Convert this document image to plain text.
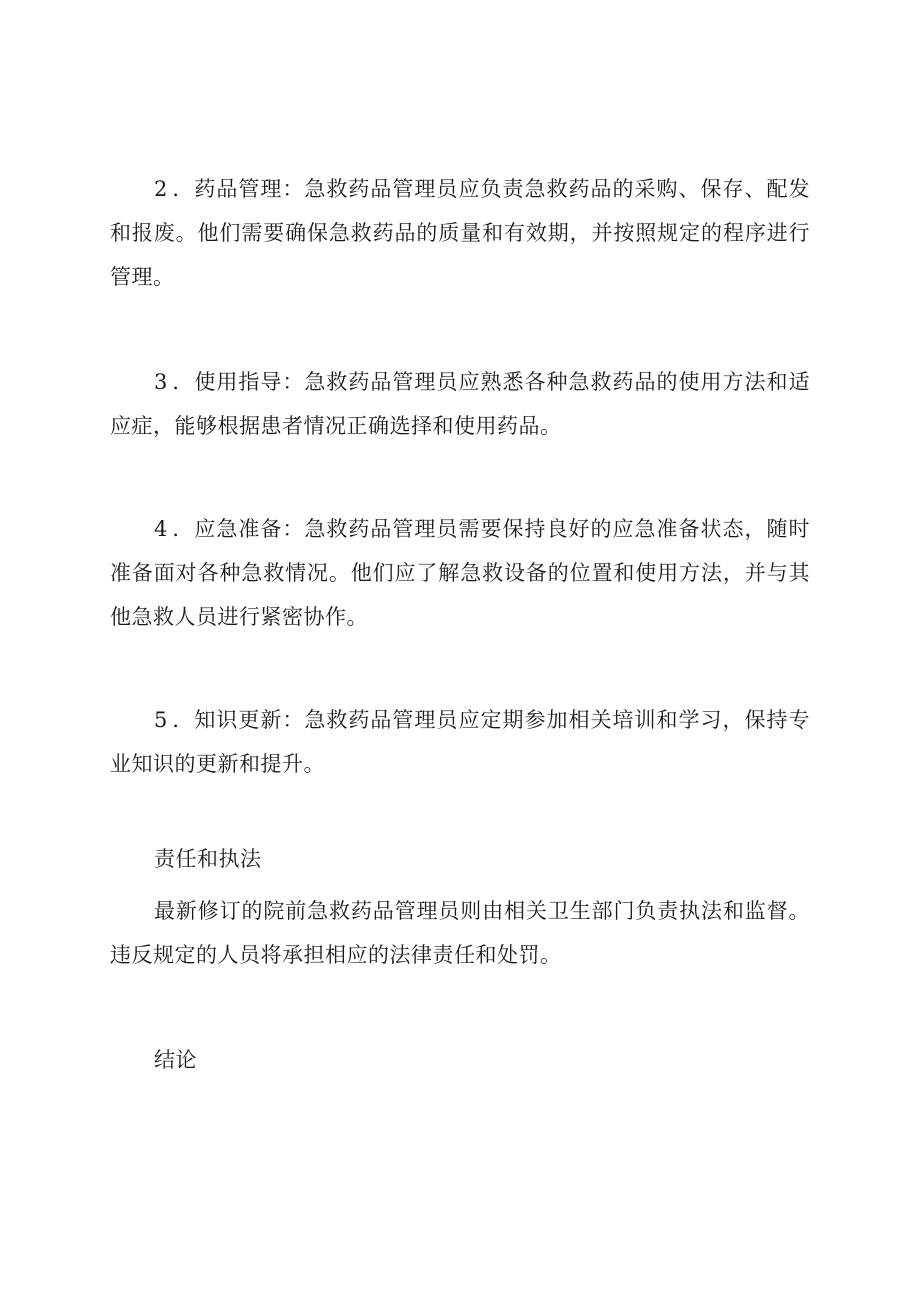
2 ．药品管理：急救药品管理员应负责急救药品的采购、保存、配发和报废。他们需要确保急救药品的质量和有效期，并按照规定的程序进行管理。

3 ．使用指导：急救药品管理员应熟悉各种急救药品的使用方法和适应症，能够根据患者情况正确选择和使用药品。

4 ．应急准备：急救药品管理员需要保持良好的应急准备状态，随时准备面对各种急救情况。他们应了解急救设备的位置和使用方法，并与其他急救人员进行紧密协作。

5 ．知识更新：急救药品管理员应定期参加相关培训和学习，保持专业知识的更新和提升。

责任和执法

最新修订的院前急救药品管理员则由相关卫生部门负责执法和监督。违反规定的人员将承担相应的法律责任和处罚。

结论
